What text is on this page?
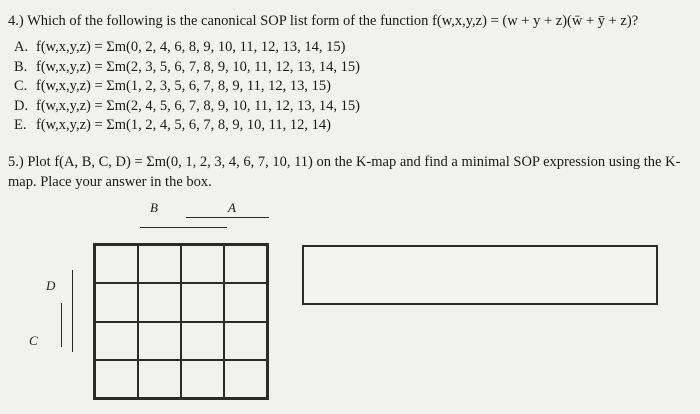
4.) Which of the following is the canonical SOP list form of the function f(w,x,y,z) = (w + y + z)(w̄ + ȳ + z)?
A. f(w,x,y,z) = Σm(0, 2, 4, 6, 8, 9, 10, 11, 12, 13, 14, 15)
B. f(w,x,y,z) = Σm(2, 3, 5, 6, 7, 8, 9, 10, 11, 12, 13, 14, 15)
C. f(w,x,y,z) = Σm(1, 2, 3, 5, 6, 7, 8, 9, 11, 12, 13, 15)
D. f(w,x,y,z) = Σm(2, 4, 5, 6, 7, 8, 9, 10, 11, 12, 13, 14, 15)
E. f(w,x,y,z) = Σm(1, 2, 4, 5, 6, 7, 8, 9, 10, 11, 12, 14)
5.) Plot f(A, B, C, D) = Σm(0, 1, 2, 3, 4, 6, 7, 10, 11) on the K-map and find a minimal SOP expression using the K-map. Place your answer in the box.
B	A
D
C
